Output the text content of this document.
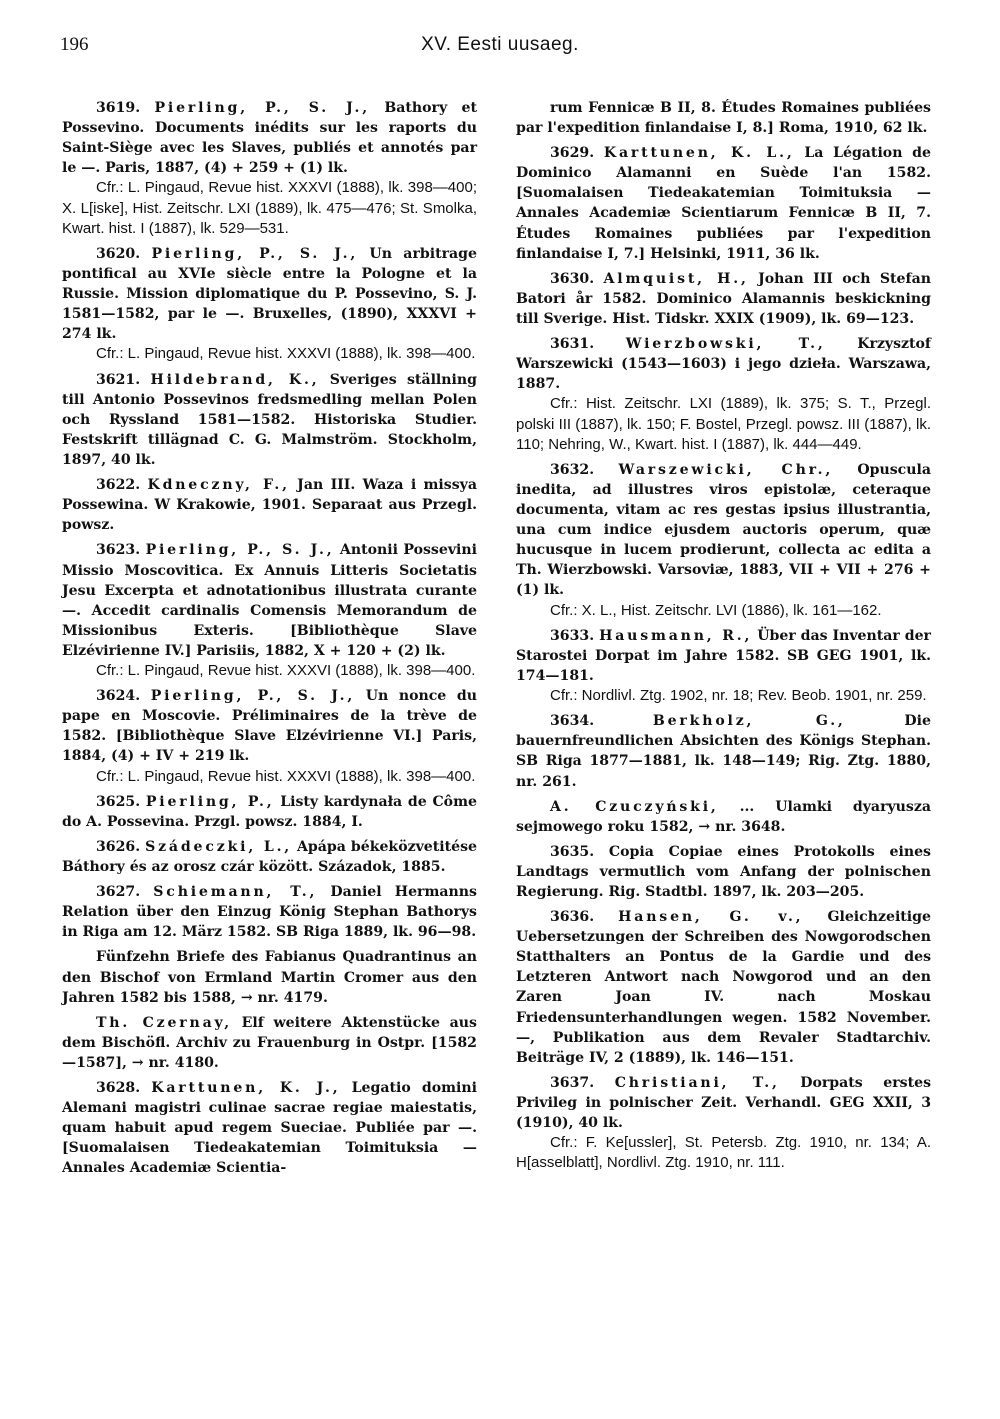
196	XV. Eesti uusaeg.

3619. Pierling, P., S. J., Bathory et Possevino. Documents inédits sur les raports du Saint-Siège avec les Slaves, publiés et annotés par le —. Paris, 1887, (4) + 259 + (1) lk.

Cfr.: L. Pingaud, Revue hist. XXXVI (1888), lk. 398—400; X. L[iske], Hist. Zeitschr. LXI (1889), lk. 475—476; St. Smolka, Kwart. hist. I (1887), lk. 529—531.

3620. Pierling, P., S. J., Un arbitrage pontifical au XVIe siècle entre la Pologne et la Russie. Mission diplomatique du P. Possevino, S. J. 1581—1582, par le —. Bruxelles, (1890), XXXVI + 274 lk.

Cfr.: L. Pingaud, Revue hist. XXXVI (1888), lk. 398—400.

3621. Hildebrand, K., Sveriges ställning till Antonio Possevinos fredsmedling mellan Polen och Ryssland 1581—1582. Historiska Studier. Festskrift tillägnad C. G. Malmström. Stockholm, 1897, 40 lk.

3622. Kdneczny, F., Jan III. Waza i missya Possewina. W Krakowie, 1901. Separaat aus Przegl. powsz.

3623. Pierling, P., S. J., Antonii Possevini Missio Moscovitica. Ex Annuis Litteris Societatis Jesu Excerpta et adnotationibus illustrata curante —. Accedit cardinalis Comensis Memorandum de Missionibus Exteris. [Bibliothèque Slave Elzévirienne IV.] Parisiis, 1882, X + 120 + (2) lk.

Cfr.: L. Pingaud, Revue hist. XXXVI (1888), lk. 398—400.

3624. Pierling, P., S. J., Un nonce du pape en Moscovie. Préliminaires de la trève de 1582. [Bibliothèque Slave Elzévirienne VI.] Paris, 1884, (4) + IV + 219 lk.

Cfr.: L. Pingaud, Revue hist. XXXVI (1888), lk. 398—400.

3625. Pierling, P., Listy kardynała de Côme do A. Possevina. Przgl. powsz. 1884, I.

3626. Szádeczki, L., Apápa békeközvetitése Báthory és az orosz czár között. Századok, 1885.

3627. Schiemann, T., Daniel Hermanns Relation über den Einzug König Stephan Bathorys in Riga am 12. März 1582. SB Riga 1889, lk. 96—98.

Fünfzehn Briefe des Fabianus Quadrantinus an den Bischof von Ermland Martin Cromer aus den Jahren 1582 bis 1588, → nr. 4179.

Th. Czernay, Elf weitere Aktenstücke aus dem Bischöfl. Archiv zu Frauenburg in Ostpr. [1582—1587], → nr. 4180.

3628. Karttunen, K. J., Legatio domini Alemani magistri culinae sacrae regiae maiestatis, quam habuit apud regem Sueciae. Publiée par —. [Suomalaisen Tiedeakatemian Toimituksia — Annales Academiæ Scientia-

rum Fennicæ B II, 8. Études Romaines publiées par l'expedition finlandaise I, 8.] Roma, 1910, 62 lk.

3629. Karttunen, K. L., La Légation de Dominico Alamanni en Suède l'an 1582. [Suomalaisen Tiedeakatemian Toimituksia — Annales Academiæ Scientiarum Fennicæ B II, 7. Études Romaines publiées par l'expedition finlandaise I, 7.] Helsinki, 1911, 36 lk.

3630. Almquist, H., Johan III och Stefan Batori år 1582. Dominico Alamannis beskickning till Sverige. Hist. Tidskr. XXIX (1909), lk. 69—123.

3631. Wierzbowski, T., Krzysztof Warszewicki (1543—1603) i jego dzieła. Warszawa, 1887.

Cfr.: Hist. Zeitschr. LXI (1889), lk. 375; S. T., Przegl. polski III (1887), lk. 150; F. Bostel, Przegl. powsz. III (1887), lk. 110; Nehring, W., Kwart. hist. I (1887), lk. 444—449.

3632. Warszewicki, Chr., Opuscula inedita, ad illustres viros epistolæ, ceteraque documenta, vitam ac res gestas ipsius illustrantia, una cum indice ejusdem auctoris operum, quæ hucusque in lucem prodierunt, collecta ac edita a Th. Wierzbowski. Varsoviæ, 1883, VII + VII + 276 + (1) lk.

Cfr.: X. L., Hist. Zeitschr. LVI (1886), lk. 161—162.

3633. Hausmann, R., Über das Inventar der Starostei Dorpat im Jahre 1582. SB GEG 1901, lk. 174—181.

Cfr.: Nordlivl. Ztg. 1902, nr. 18; Rev. Beob. 1901, nr. 259.

3634.	Berkholz, G.,	Die bauernfreundlichen Absichten des Königs Stephan. SB Riga 1877—1881, lk. 148—149; Rig. Ztg. 1880, nr. 261.

A. Czuczyński, ... Ulamki dyaryusza sejmowego roku 1582, → nr. 3648.

3635. Copia Copiae eines Protokolls eines Landtags vermutlich vom Anfang der polnischen Regierung. Rig. Stadtbl. 1897, lk. 203—205.

3636. Hansen, G. v., Gleichzeitige Uebersetzungen der Schreiben des Nowgorodschen Statthalters an Pontus de la Gardie und des Letzteren Antwort nach Nowgorod und an den Zaren Joan IV. nach Moskau Friedensunterhandlungen wegen. 1582 November. —, Publikation aus dem Revaler Stadtarchiv. Beiträge IV, 2 (1889), lk. 146—151.

3637. Christiani, T., Dorpats erstes Privileg in polnischer Zeit. Verhandl. GEG XXII, 3 (1910), 40 lk.

Cfr.: F. Ke[ussler], St. Petersb. Ztg. 1910, nr. 134; A. H[asselblatt], Nordlivl. Ztg. 1910, nr. 111.
